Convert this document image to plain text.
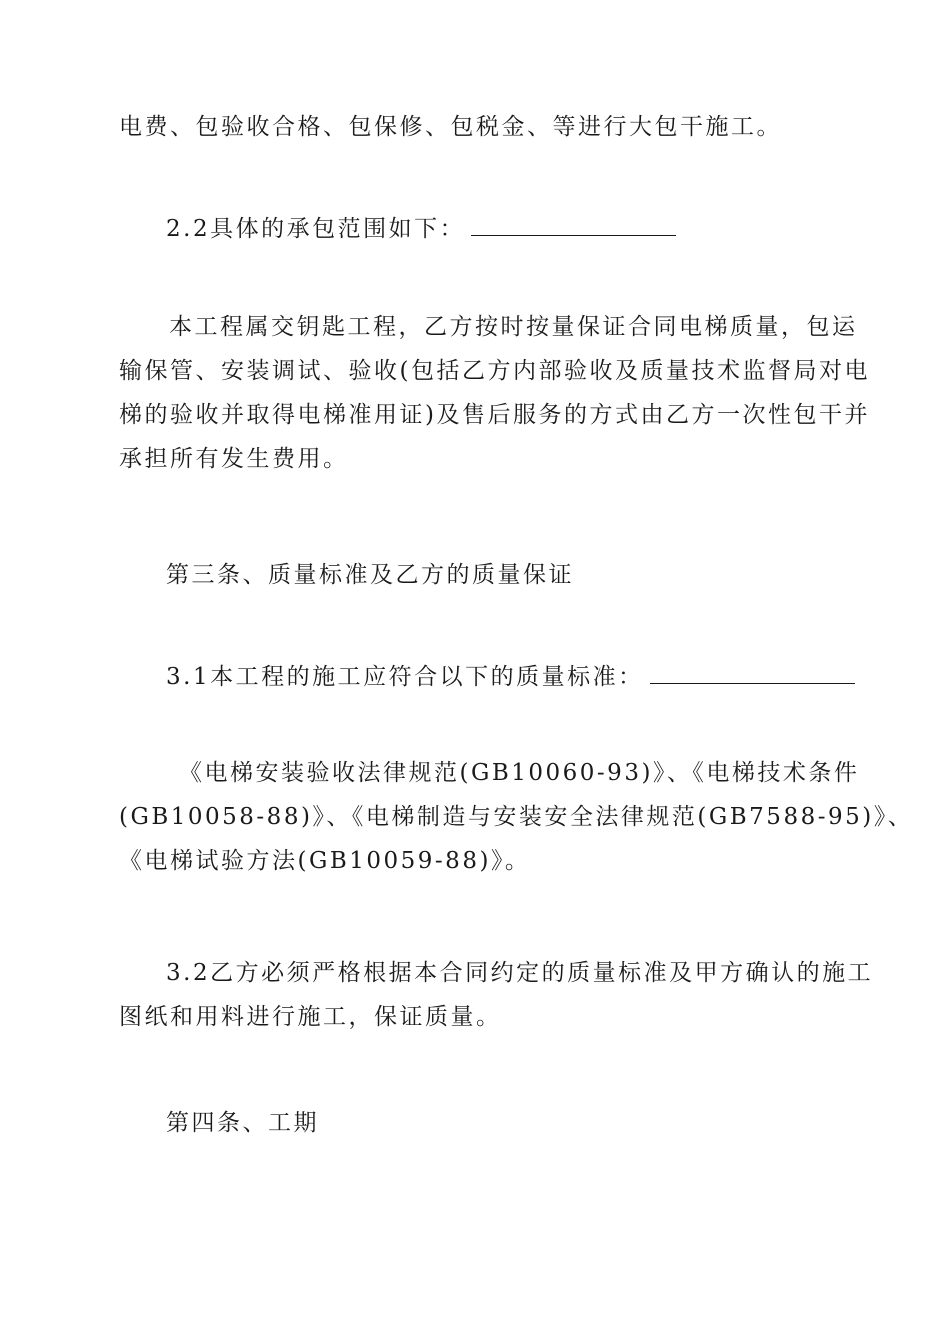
电费、包验收合格、包保修、包税金、等进行大包干施工。

2.2具体的承包范围如下：

本工程属交钥匙工程，乙方按时按量保证合同电梯质量，包运
输保管、安装调试、验收(包括乙方内部验收及质量技术监督局对电
梯的验收并取得电梯准用证)及售后服务的方式由乙方一次性包干并
承担所有发生费用。

第三条、质量标准及乙方的质量保证

3.1本工程的施工应符合以下的质量标准：

《电梯安装验收法律规范(GB10060-93)》、《电梯技术条件
(GB10058-88)》、《电梯制造与安装安全法律规范(GB7588-95)》、
《电梯试验方法(GB10059-88)》。

3.2乙方必须严格根据本合同约定的质量标准及甲方确认的施工
图纸和用料进行施工，保证质量。

第四条、工期
